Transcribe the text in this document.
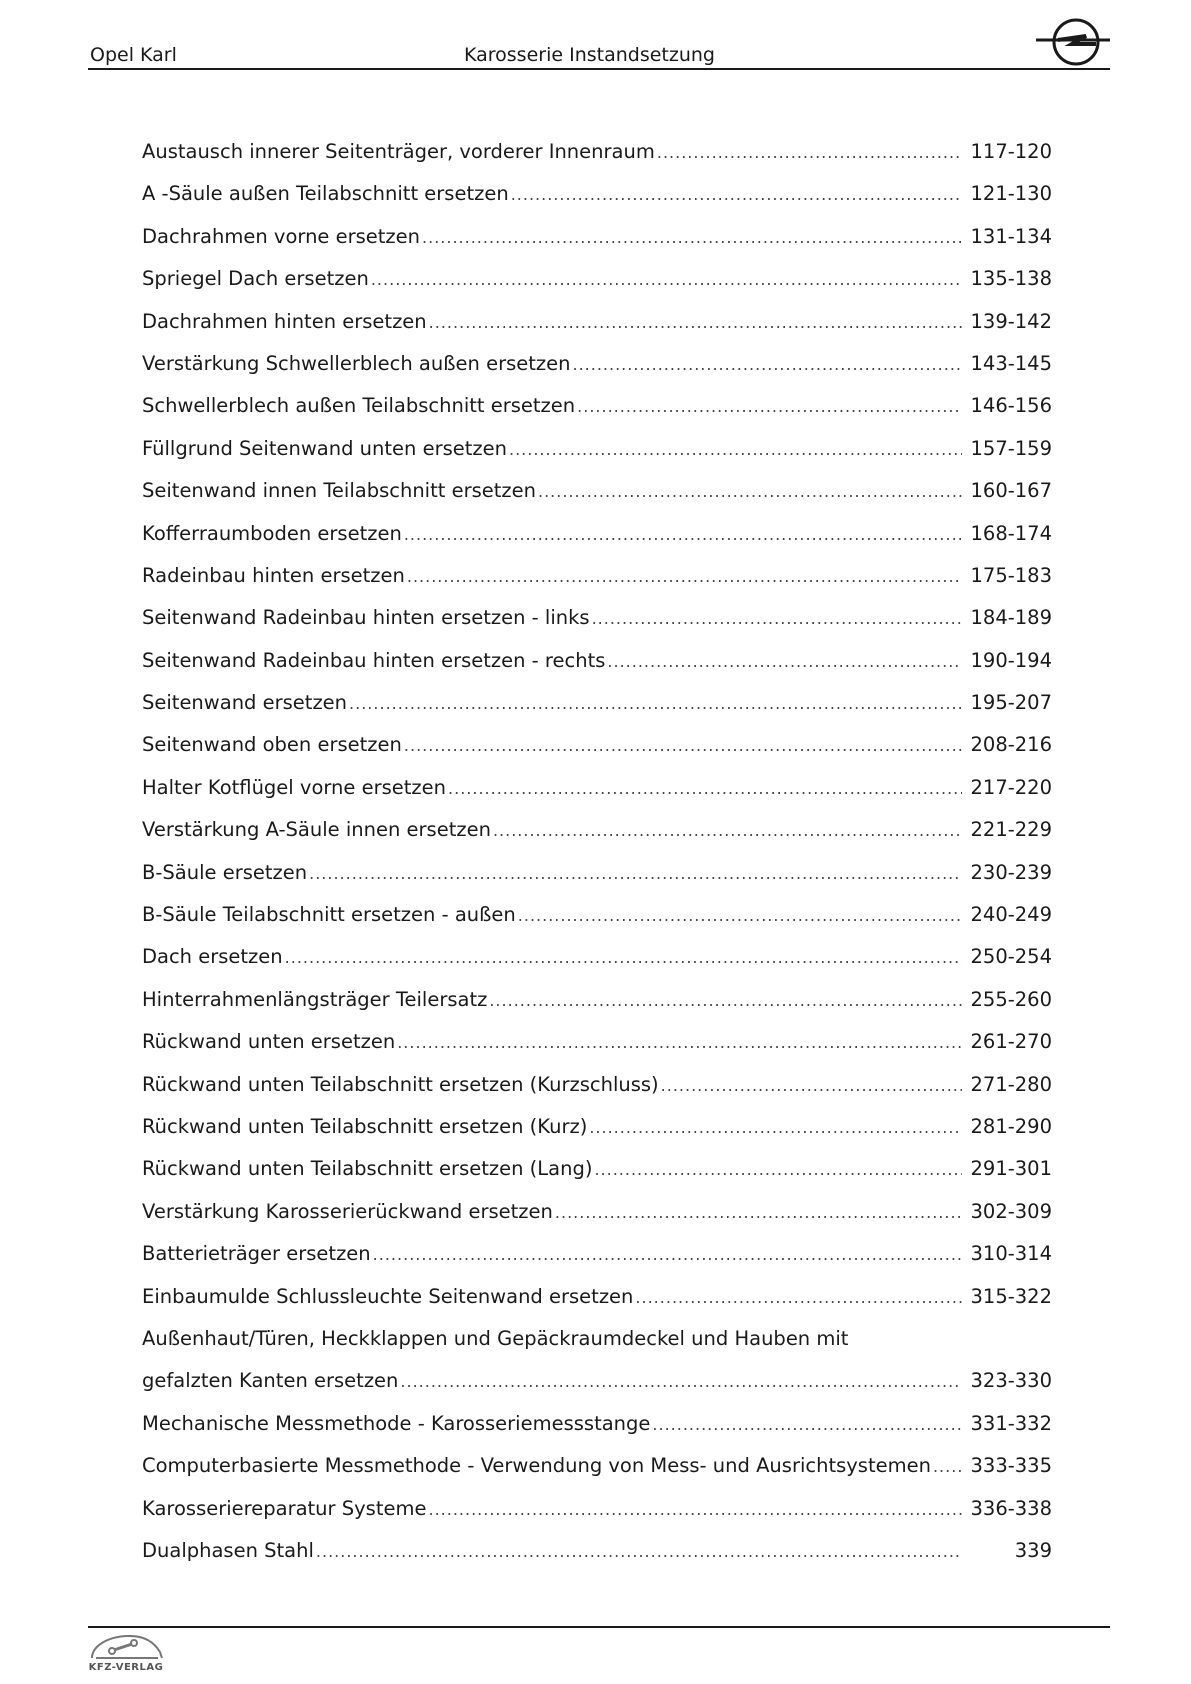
Opel Karl	Karosserie Instandsetzung
Austausch innerer Seitenträger, vorderer Innenraum .....	117-120
A -Säule außen Teilabschnitt ersetzen .....	121-130
Dachrahmen vorne ersetzen .....	131-134
Spriegel Dach ersetzen .....	135-138
Dachrahmen hinten ersetzen .....	139-142
Verstärkung Schwellerblech außen ersetzen .....	143-145
Schwellerblech außen Teilabschnitt ersetzen .....	146-156
Füllgrund Seitenwand unten ersetzen .....	157-159
Seitenwand innen Teilabschnitt ersetzen .....	160-167
Kofferraumboden ersetzen .....	168-174
Radeinbau hinten ersetzen .....	175-183
Seitenwand Radeinbau hinten ersetzen - links .....	184-189
Seitenwand Radeinbau hinten ersetzen - rechts .....	190-194
Seitenwand ersetzen .....	195-207
Seitenwand oben ersetzen .....	208-216
Halter Kotflügel vorne ersetzen .....	217-220
Verstärkung A-Säule innen ersetzen .....	221-229
B-Säule ersetzen .....	230-239
B-Säule Teilabschnitt ersetzen - außen .....	240-249
Dach ersetzen .....	250-254
Hinterrahmenlängsträger Teilersatz .....	255-260
Rückwand unten ersetzen .....	261-270
Rückwand unten Teilabschnitt ersetzen (Kurzschluss) .....	271-280
Rückwand unten Teilabschnitt ersetzen (Kurz) .....	281-290
Rückwand unten Teilabschnitt ersetzen (Lang) .....	291-301
Verstärkung Karosserierückwand ersetzen .....	302-309
Batterieträger ersetzen .....	310-314
Einbaumulde Schlussleuchte Seitenwand ersetzen .....	315-322
Außenhaut/Türen, Heckklappen und Gepäckraumdeckel und Hauben mit
gefalzten Kanten ersetzen .....	323-330
Mechanische Messmethode - Karosseriemessstange .....	331-332
Computerbasierte Messmethode - Verwendung von Mess- und Ausrichtsystemen .....	333-335
Karosseriereparatur Systeme .....	336-338
Dualphasen Stahl .....	339
KFZ-VERLAG
